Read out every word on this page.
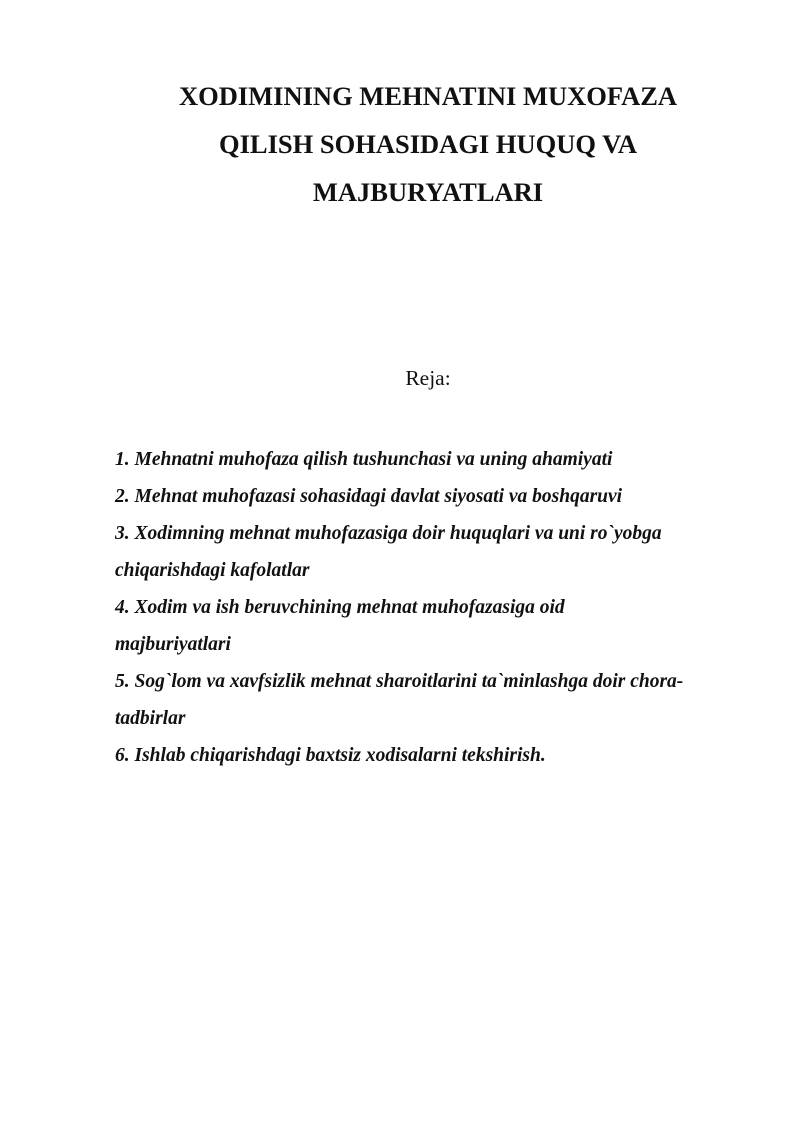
XODIMINING MEHNATINI MUXOFAZA
QILISH SOHASIDAGI HUQUQ VA
MAJBURYATLARI

Reja:

1. Mehnatni muhofaza qilish tushunchasi va uning ahamiyati
2. Mehnat muhofazasi sohasidagi davlat siyosati va boshqaruvi
3. Xodimning mehnat muhofazasiga doir huquqlari va uni ro`yobga
chiqarishdagi kafolatlar
4. Xodim va ish beruvchining mehnat muhofazasiga oid
majburiyatlari
5. Sog`lom va xavfsizlik mehnat sharoitlarini ta`minlashga doir chora-
tadbirlar
6. Ishlab chiqarishdagi baxtsiz xodisalarni tekshirish.
